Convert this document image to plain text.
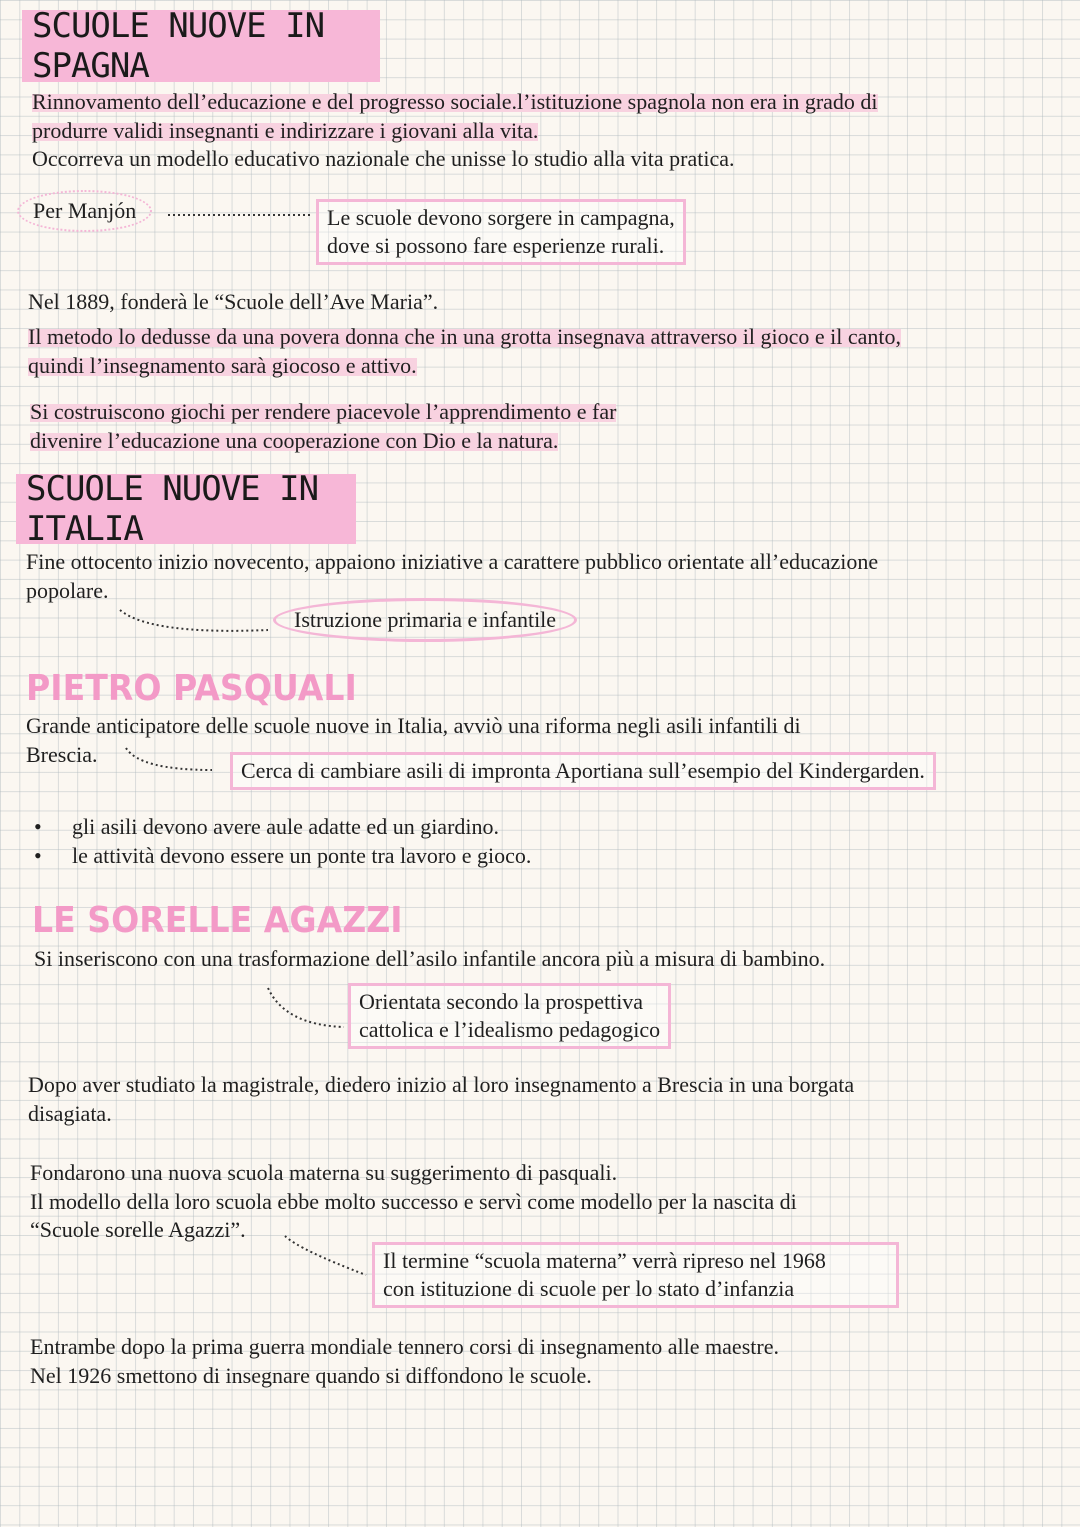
SCUOLE NUOVE IN SPAGNA

Rinnovamento dell’educazione e del progresso sociale.l’istituzione spagnola non era in grado di

produrre validi insegnanti e indirizzare i giovani alla vita.

Occorreva un modello educativo nazionale che unisse lo studio alla vita pratica.

Per Manjón	Le scuole devono sorgere in campagna,
dove si possono fare esperienze rurali.

Nel 1889, fonderà le “Scuole dell’Ave Maria”.

Il metodo lo dedusse da una povera donna che in una grotta insegnava attraverso il gioco e il canto,

quindi l’insegnamento sarà giocoso e attivo.

Si costruiscono giochi per rendere piacevole l’apprendimento e far

divenire l’educazione una cooperazione con Dio e la natura.

SCUOLE NUOVE IN ITALIA

Fine ottocento inizio novecento, appaiono iniziative a carattere pubblico orientate all’educazione

popolare.

Istruzione primaria e infantile
PIETRO PASQUALI

Grande anticipatore delle scuole nuove in Italia, avviò una riforma negli asili infantili di

Brescia.

Cerca di cambiare asili di impronta Aportiana sull’esempio del Kindergarden.
• gli asili devono avere aule adatte ed un giardino.
• le attività devono essere un ponte tra lavoro e gioco.
LE SORELLE AGAZZI

Si inseriscono con una trasformazione dell’asilo infantile ancora più a misura di bambino.

Orientata secondo la prospettiva
cattolica e l’idealismo pedagogico

Dopo aver studiato la magistrale, diedero inizio al loro insegnamento a Brescia in una borgata

disagiata.

Fondarono una nuova scuola materna su suggerimento di pasquali.

Il modello della loro scuola ebbe molto successo e servì come modello per la nascita di

“Scuole sorelle Agazzi”.

Il termine “scuola materna” verrà ripreso nel 1968
con istituzione di scuole per lo stato d’infanzia

Entrambe dopo la prima guerra mondiale tennero corsi di insegnamento alle maestre.

Nel 1926 smettono di insegnare quando si diffondono le scuole.
